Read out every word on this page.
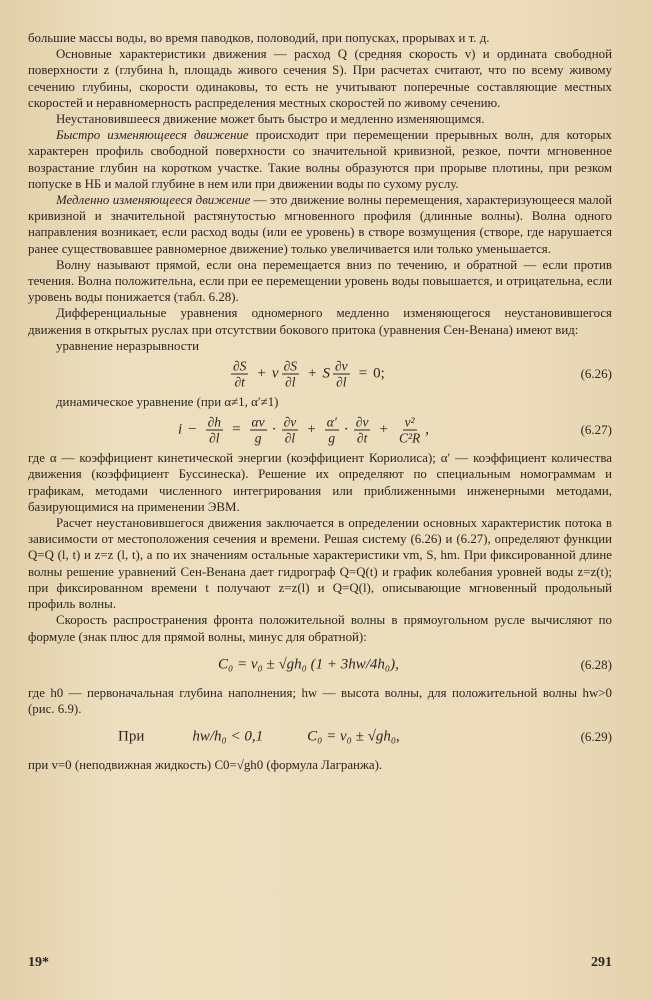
большие массы воды, во время паводков, половодий, при попусках, прорывах и т. д.

Основные характеристики движения — расход Q (средняя скорость v) и ордината свободной поверхности z (глубина h, площадь живого сечения S). При расчетах считают, что по всему живому сечению глубины, скорости одинаковы, то есть не учитывают поперечные составляющие местных скоростей и неравномерность распределения местных скоростей по живому сечению.

Неустановившееся движение может быть быстро и медленно изменяющимся.

Быстро изменяющееся движение происходит при перемещении прерывных волн, для которых характерен профиль свободной поверхности со значительной кривизной, резкое, почти мгновенное возрастание глубин на коротком участке. Такие волны образуются при прорыве плотины, при резком попуске в НБ и малой глубине в нем или при движении воды по сухому руслу.

Медленно изменяющееся движение — это движение волны перемещения, характеризующееся малой кривизной и значительной растянутостью мгновенного профиля (длинные волны). Волна одного направления возникает, если расход воды (или ее уровень) в створе возмущения (створе, где нарушается ранее существовавшее равномерное движение) только увеличивается или только уменьшается.

Волну называют прямой, если она перемещается вниз по течению, и обратной — если против течения. Волна положительна, если при ее перемещении уровень воды повышается, и отрицательна, если уровень воды понижается (табл. 6.28).

Дифференциальные уравнения одномерного медленно изменяющегося неустановившегося движения в открытых руслах при отсутствии бокового притока (уравнения Сен-Венана) имеют вид:

уравнение неразрывности

$\frac{\partial S}{\partial t} + v \frac{\partial S}{\partial l} + S \frac{\partial v}{\partial l} = 0$;	(6.26)

динамическое уравнение (при α≠1, α′≠1)

$i - \frac{\partial h}{\partial l} = \frac{\alpha v}{g} \cdot \frac{\partial v}{\partial l} + \frac{\alpha'}{g} \cdot \frac{\partial v}{\partial t} + \frac{\text{v²}}{\text{C²R}}$ ,	(6.27)

где α — коэффициент кинетической энергии (коэффициент Кориолиса); α′ — коэффициент количества движения (коэффициент Буссинеска). Решение их определяют по специальным номограммам и графикам, методами численного интегрирования или приближенными инженерными методами, базирующимися на применении ЭВМ.

Расчет неустановившегося движения заключается в определении основных характеристик потока в зависимости от местоположения сечения и времени. Решая систему (6.26) и (6.27), определяют функции Q=Q (l, t) и z=z (l, t), а по их значениям остальные характеристики vm, S, hm. При фиксированной длине волны решение уравнений Сен-Венана дает гидрограф Q=Q(t) и график колебания уровней воды z=z(t); при фиксированном времени t получают z=z(l) и Q=Q(l), описывающие мгновенный продольный профиль волны.

Скорость распространения фронта положительной волны в прямоугольном русле вычисляют по формуле (знак плюс для прямой волны, минус для обратной):

C₀ = v₀ ± √gh₀ (1 + 3hw/4h₀),	(6.28)

где h0 — первоначальная глубина наполнения; hw — высота волны, для положительной волны hw>0 (рис. 6.9).

При	hw/h₀ < 0,1	C₀ = v₀ ± √gh₀,	(6.29)

при v=0 (неподвижная жидкость) C0=√gh0 (формула Лагранжа).

19*	291
